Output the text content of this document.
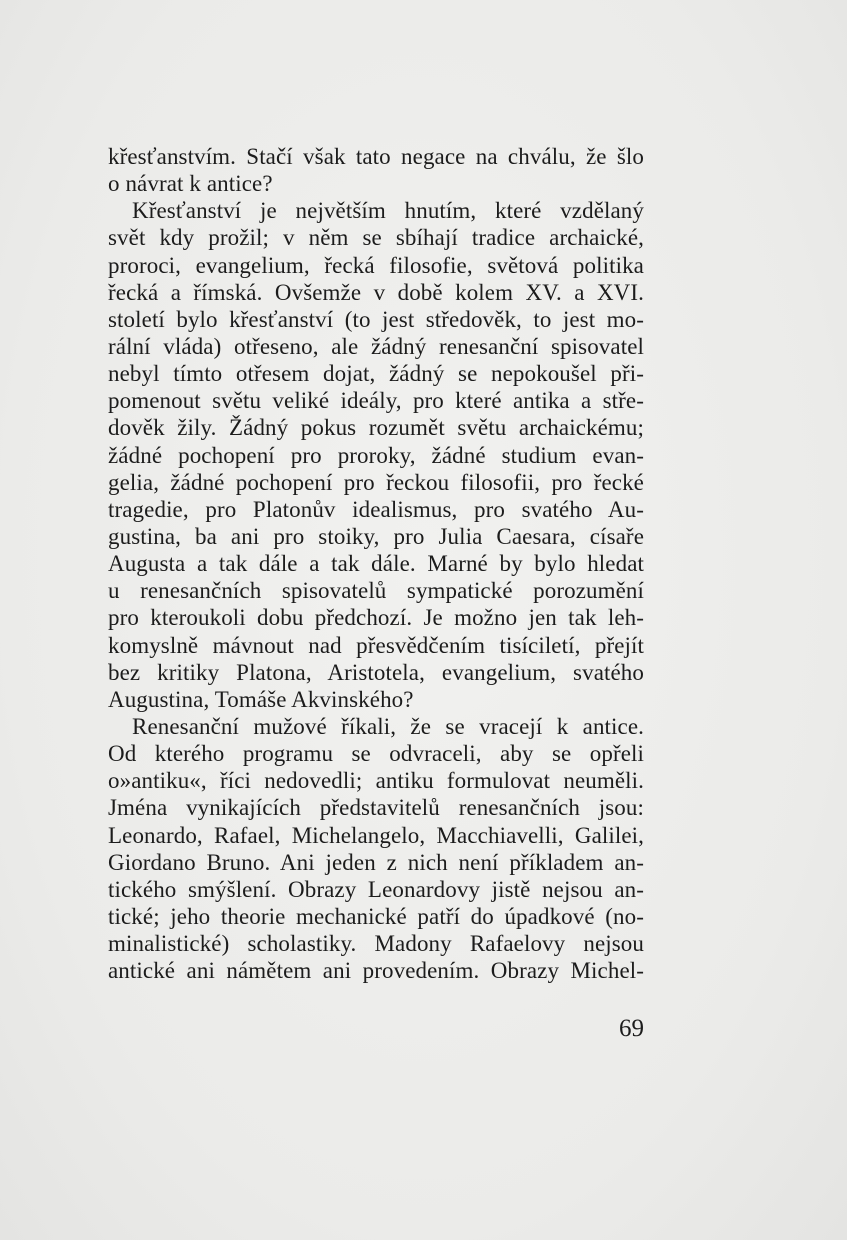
křesťanstvím. Stačí však tato negace na chválu, že šlo
o návrat k antice?
Křesťanství je největším hnutím, které vzdělaný
svět kdy prožil; v něm se sbíhají tradice archaické,
proroci, evangelium, řecká filosofie, světová politika
řecká a římská. Ovšemže v době kolem XV. a XVI.
století bylo křesťanství (to jest středověk, to jest mo-
rální vláda) otřeseno, ale žádný renesanční spisovatel
nebyl tímto otřesem dojat, žádný se nepokoušel při-
pomenout světu veliké ideály, pro které antika a stře-
dověk žily. Žádný pokus rozumět světu archaickému;
žádné pochopení pro proroky, žádné studium evan-
gelia, žádné pochopení pro řeckou filosofii, pro řecké
tragedie, pro Platonův idealismus, pro svatého Au-
gustina, ba ani pro stoiky, pro Julia Caesara, císaře
Augusta a tak dále a tak dále. Marné by bylo hledat
u renesančních spisovatelů sympatické porozumění
pro kteroukoli dobu předchozí. Je možno jen tak leh-
komyslně mávnout nad přesvědčením tisíciletí, přejít
bez kritiky Platona, Aristotela, evangelium, svatého
Augustina, Tomáše Akvinského?
Renesanční mužové říkali, že se vracejí k antice.
Od kterého programu se odvraceli, aby se opřeli
o»antiku«, říci nedovedli; antiku formulovat neuměli.
Jména vynikajících představitelů renesančních jsou:
Leonardo, Rafael, Michelangelo, Macchiavelli, Galilei,
Giordano Bruno. Ani jeden z nich není příkladem an-
tického smýšlení. Obrazy Leonardovy jistě nejsou an-
tické; jeho theorie mechanické patří do úpadkové (no-
minalistické) scholastiky. Madony Rafaelovy nejsou
antické ani námětem ani provedením. Obrazy Michel-
69
